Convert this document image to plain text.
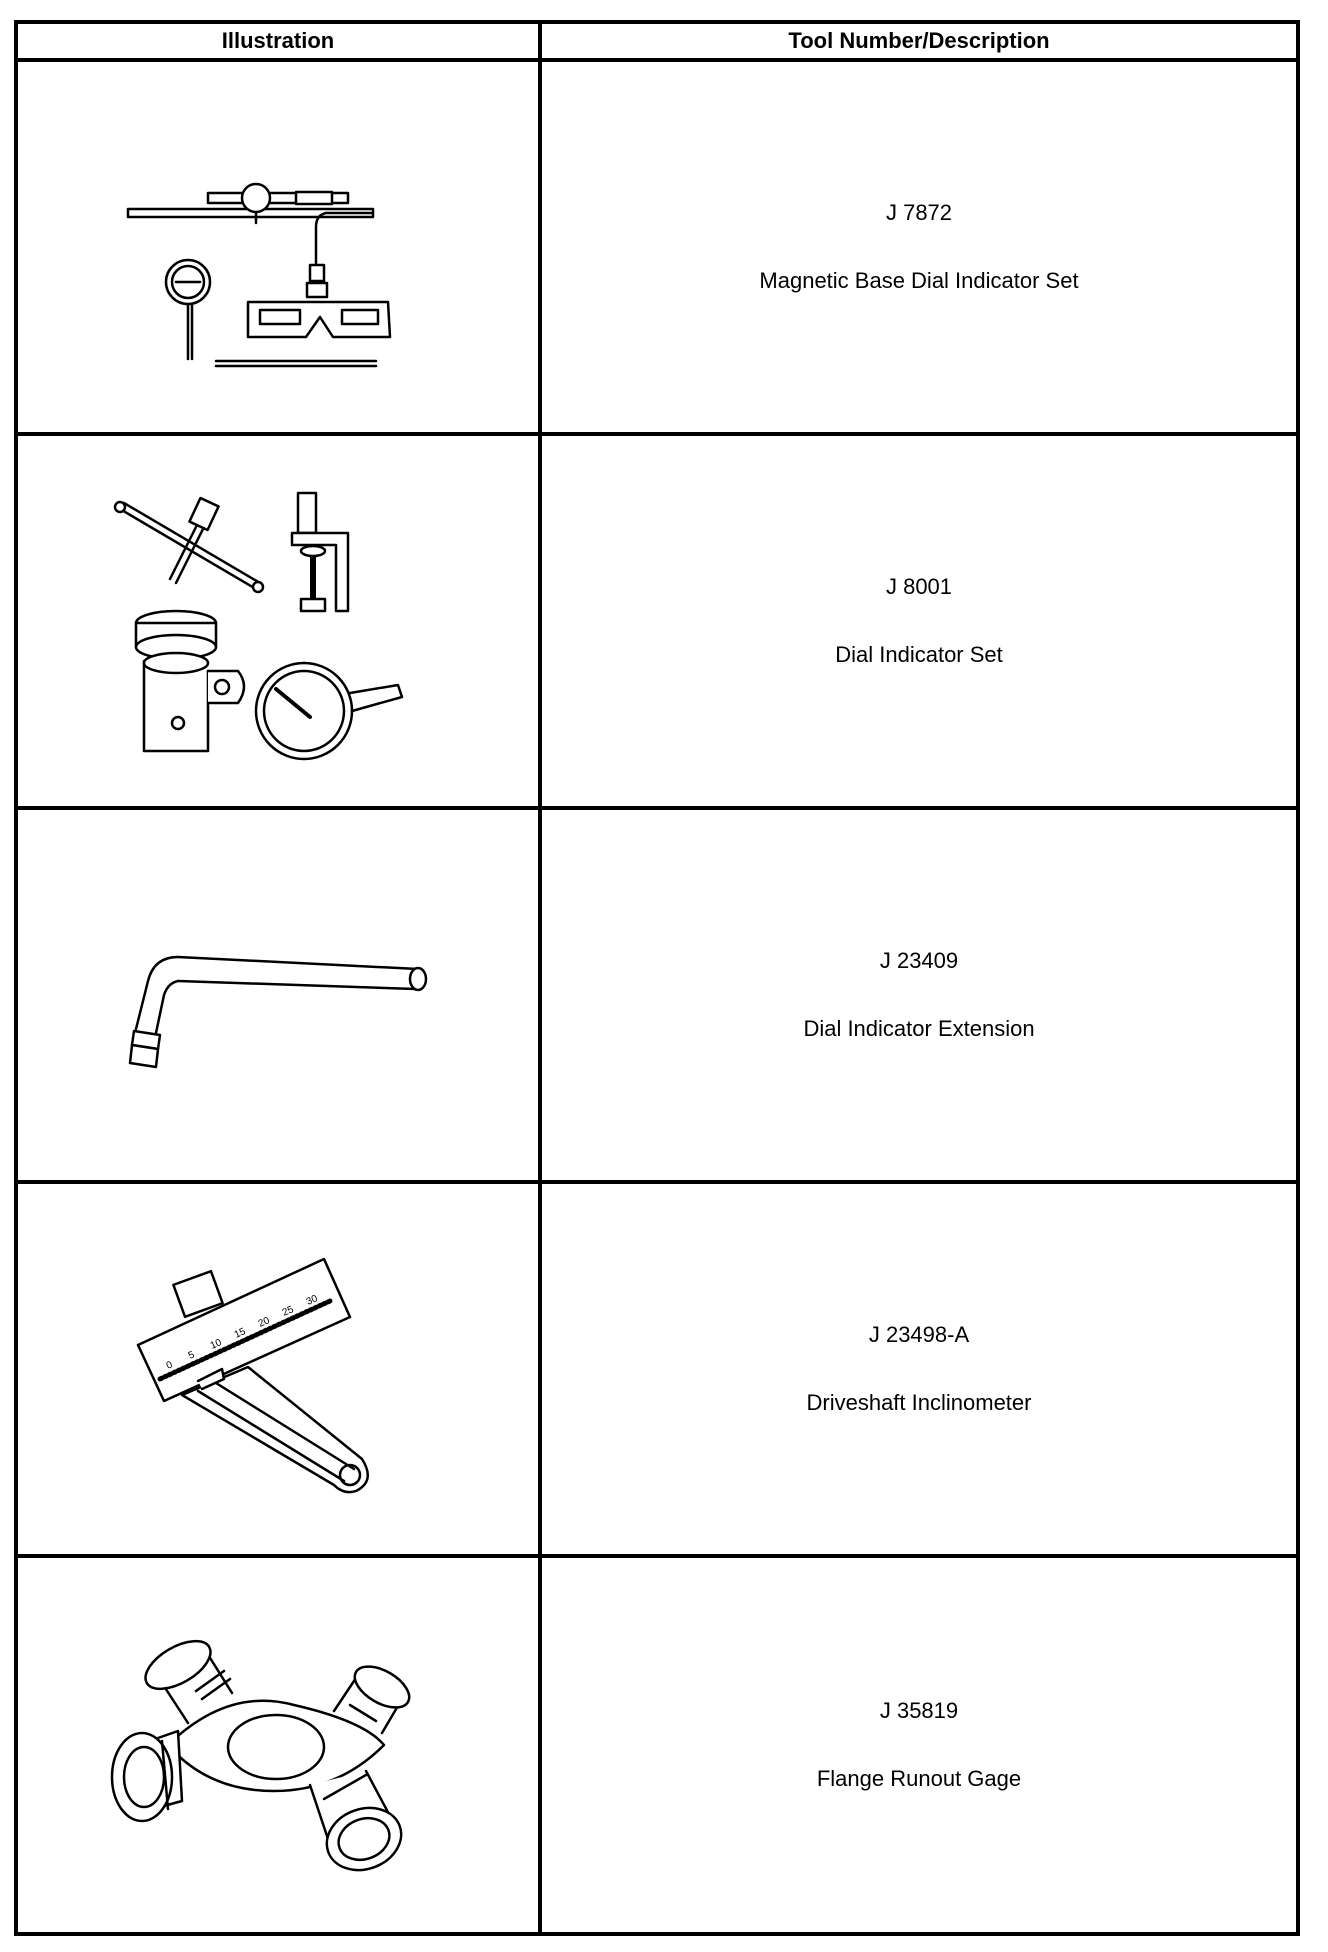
Illustration	Tool Number/Description
J 7872
Magnetic Base Dial Indicator Set
J 8001
Dial Indicator Set
J 23409
Dial Indicator Extension
0
5
10
15
20
25
30
J 23498-A
Driveshaft Inclinometer
J 35819
Flange Runout Gage
